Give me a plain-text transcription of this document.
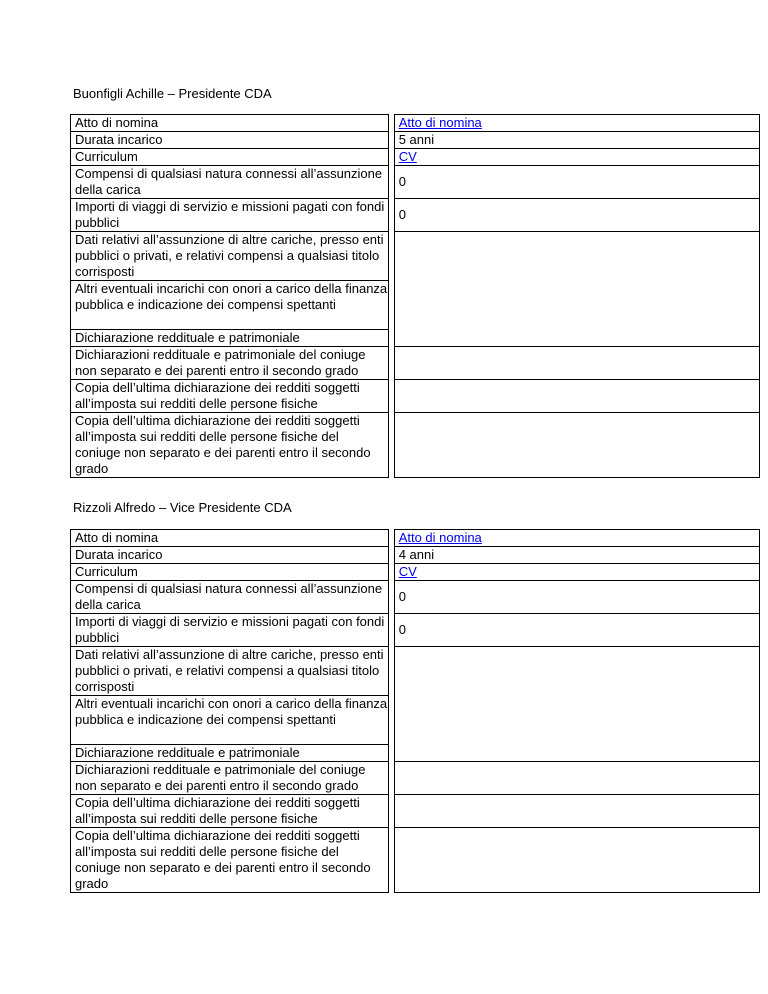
Buonfigli Achille – Presidente CDA
Atto di nomina		Atto di nomina
Durata incarico		5 anni
Curriculum		CV
Compensi di qualsiasi natura connessi all’assunzione della carica		0
Importi di viaggi di servizio e missioni pagati con fondi pubblici		0
Dati relativi all’assunzione di altre cariche, presso enti pubblici o privati, e relativi compensi a qualsiasi titolo corrisposti		
Altri eventuali incarichi con onori a carico della finanza pubblica e indicazione dei compensi spettanti		
Dichiarazione reddituale e patrimoniale		
Dichiarazioni reddituale e patrimoniale del coniuge non separato e dei parenti entro il secondo grado		
Copia dell’ultima dichiarazione dei redditi soggetti all’imposta sui redditi delle persone fisiche		
Copia dell’ultima dichiarazione dei redditi soggetti all’imposta sui redditi delle persone fisiche del coniuge non separato e dei parenti entro il secondo grado		
Rizzoli Alfredo – Vice Presidente CDA
Atto di nomina		Atto di nomina
Durata incarico		4 anni
Curriculum		CV
Compensi di qualsiasi natura connessi all’assunzione della carica		0
Importi di viaggi di servizio e missioni pagati con fondi pubblici		0
Dati relativi all’assunzione di altre cariche, presso enti pubblici o privati, e relativi compensi a qualsiasi titolo corrisposti		
Altri eventuali incarichi con onori a carico della finanza pubblica e indicazione dei compensi spettanti		
Dichiarazione reddituale e patrimoniale		
Dichiarazioni reddituale e patrimoniale del coniuge non separato e dei parenti entro il secondo grado		
Copia dell’ultima dichiarazione dei redditi soggetti all’imposta sui redditi delle persone fisiche		
Copia dell’ultima dichiarazione dei redditi soggetti all’imposta sui redditi delle persone fisiche del coniuge non separato e dei parenti entro il secondo grado		
